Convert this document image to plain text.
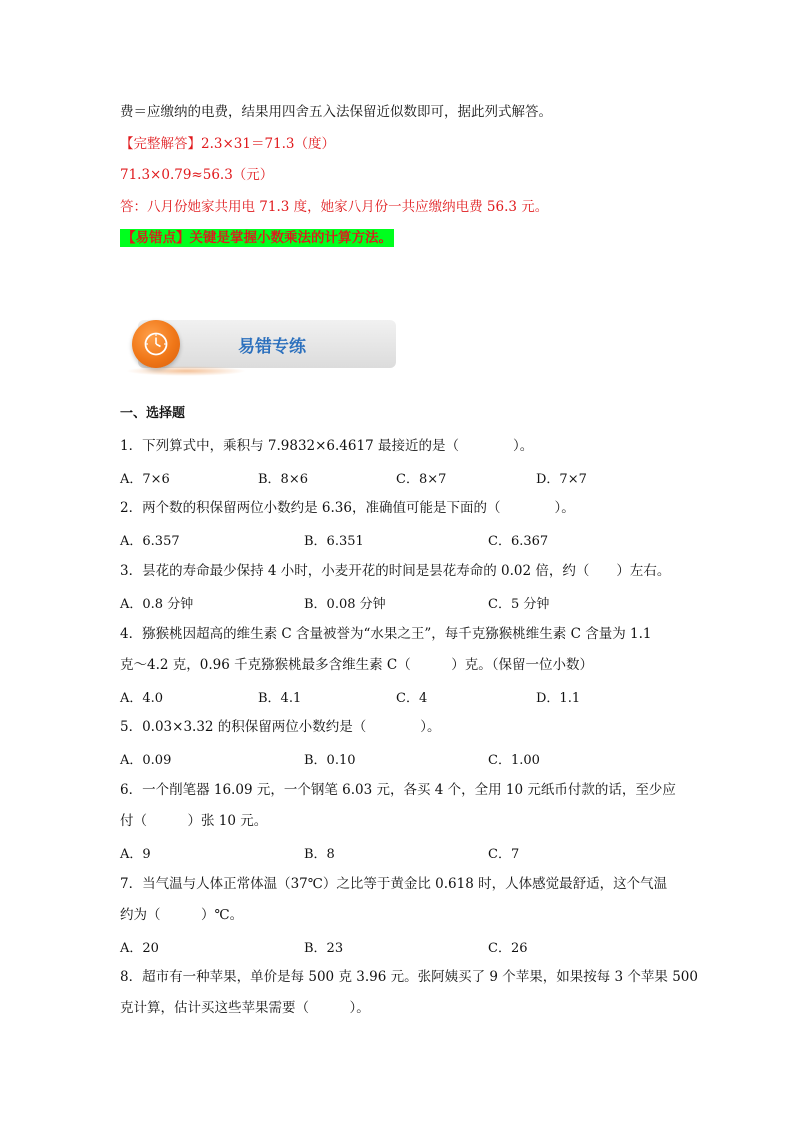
费＝应缴纳的电费，结果用四舍五入法保留近似数即可，据此列式解答。
【完整解答】2.3×31＝71.3（度）
71.3×0.79≈56.3（元）
答：八月份她家共用电 71.3 度，她家八月份一共应缴纳电费 56.3 元。
【易错点】关键是掌握小数乘法的计算方法。
易错专练
一、选择题
1．下列算式中，乘积与 7.9832×6.4617 最接近的是（　　　　）。
A．7×6	B．8×6	C．8×7	D．7×7
2．两个数的积保留两位小数约是 6.36，准确值可能是下面的（　　　　）。
A．6.357	B．6.351	C．6.367
3．昙花的寿命最少保持 4 小时，小麦开花的时间是昙花寿命的 0.02 倍，约（　　）左右。
A．0.8 分钟	B．0.08 分钟	C．5 分钟
4．猕猴桃因超高的维生素 C 含量被誉为“水果之王”，每千克猕猴桃维生素 C 含量为 1.1
克～4.2 克，0.96 千克猕猴桃最多含维生素 C（　　　）克。（保留一位小数）
A．4.0	B．4.1	C．4	D．1.1
5．0.03×3.32 的积保留两位小数约是（　　　　）。
A．0.09	B．0.10	C．1.00
6．一个削笔器 16.09 元，一个钢笔 6.03 元，各买 4 个，全用 10 元纸币付款的话，至少应
付（　　　）张 10 元。
A．9	B．8	C．7
7．当气温与人体正常体温（37℃）之比等于黄金比 0.618 时，人体感觉最舒适，这个气温
约为（　　　）℃。
A．20	B．23	C．26
8．超市有一种苹果，单价是每 500 克 3.96 元。张阿姨买了 9 个苹果，如果按每 3 个苹果 500
克计算，估计买这些苹果需要（　　　）。
